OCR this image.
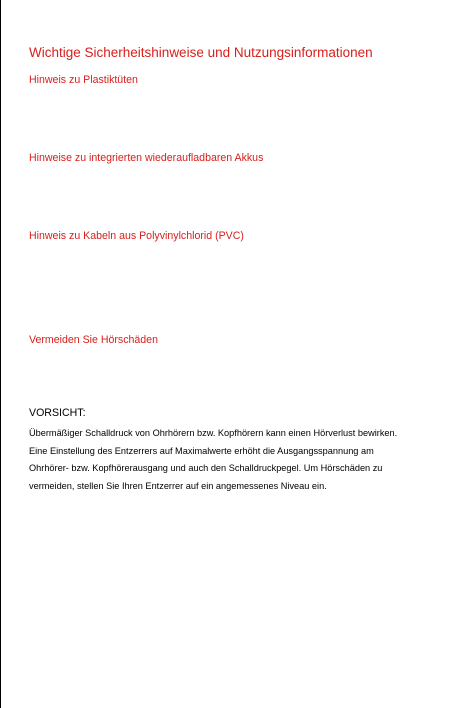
Wichtige Sicherheitshinweise und Nutzungsinformationen
Hinweis zu Plastiktüten
Hinweise zu integrierten wiederaufladbaren Akkus
Hinweis zu Kabeln aus Polyvinylchlorid (PVC)
Vermeiden Sie Hörschäden
VORSICHT:
Übermäßiger Schalldruck von Ohrhörern bzw. Kopfhörern kann einen Hörverlust bewirken.
Eine Einstellung des Entzerrers auf Maximalwerte erhöht die Ausgangsspannung am
Ohrhörer- bzw. Kopfhörerausgang und auch den Schalldruckpegel. Um Hörschäden zu
vermeiden, stellen Sie Ihren Entzerrer auf ein angemessenes Niveau ein.
